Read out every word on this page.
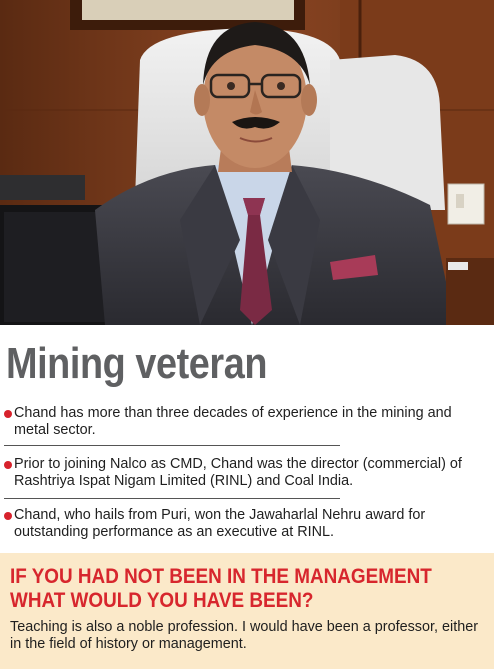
Mining veteran
Chand has more than three decades of experience in the mining and metal sector.
Prior to joining Nalco as CMD, Chand was the director (commercial) of Rashtriya Ispat Nigam Limited (RINL) and Coal India.
Chand, who hails from Puri, won the Jawaharlal Nehru award for outstanding performance as an executive at RINL.
IF YOU HAD NOT BEEN IN THE MANAGEMENT WHAT WOULD YOU HAVE BEEN?
Teaching is also a noble profession. I would have been a professor, either in the field of history or management.
